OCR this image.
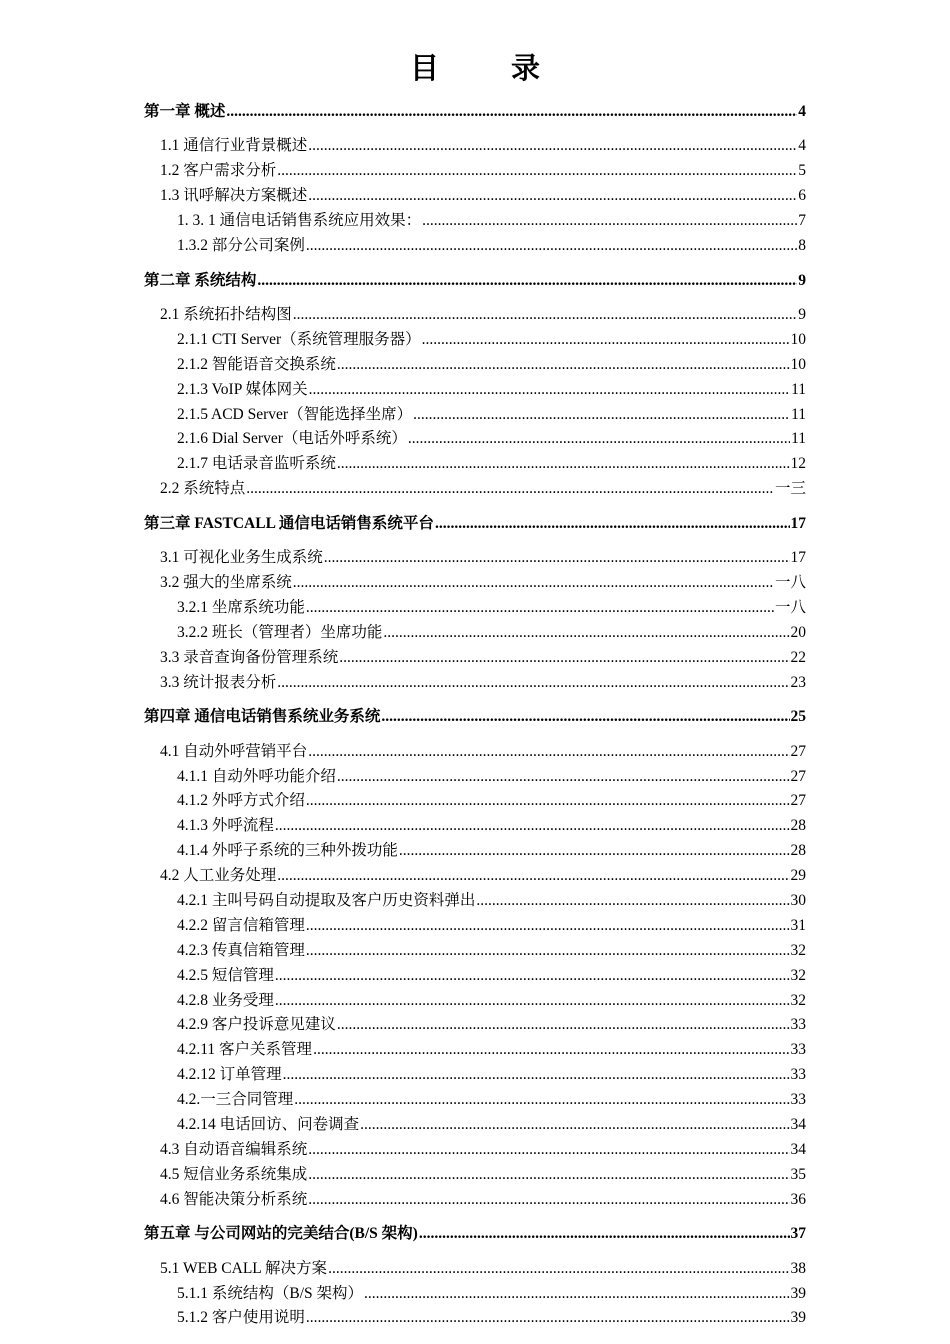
目 录
第一章 概述 .....	4
1.1 通信行业背景概述 .....	4
1.2 客户需求分析 .....	5
1.3 讯呼解决方案概述 .....	6
1. 3. 1 通信电话销售系统应用效果： .....	7
1.3.2 部分公司案例 .....	8
第二章 系统结构 .....	9
2.1 系统拓扑结构图 .....	9
2.1.1 CTI Server（系统管理服务器） .....	10
2.1.2 智能语音交换系统 .....	10
2.1.3 VoIP 媒体网关 .....	11
2.1.5 ACD Server（智能选择坐席） .....	11
2.1.6 Dial Server（电话外呼系统） .....	11
2.1.7 电话录音监听系统 .....	12
2.2 系统特点 .....	一三
第三章 FASTCALL 通信电话销售系统平台 .....	17
3.1 可视化业务生成系统 .....	17
3.2 强大的坐席系统 .....	一八
3.2.1 坐席系统功能 .....	一八
3.2.2 班长（管理者）坐席功能 .....	20
3.3 录音查询备份管理系统 .....	22
3.3 统计报表分析 .....	23
第四章 通信电话销售系统业务系统 .....	25
4.1 自动外呼营销平台 .....	27
4.1.1 自动外呼功能介绍 .....	27
4.1.2 外呼方式介绍 .....	27
4.1.3 外呼流程 .....	28
4.1.4 外呼子系统的三种外拨功能 .....	28
4.2 人工业务处理 .....	29
4.2.1 主叫号码自动提取及客户历史资料弹出 .....	30
4.2.2 留言信箱管理 .....	31
4.2.3 传真信箱管理 .....	32
4.2.5 短信管理 .....	32
4.2.8 业务受理 .....	32
4.2.9 客户投诉意见建议 .....	33
4.2.11 客户关系管理 .....	33
4.2.12 订单管理 .....	33
4.2.一三合同管理 .....	33
4.2.14 电话回访、问卷调查 .....	34
4.3 自动语音编辑系统 .....	34
4.5 短信业务系统集成 .....	35
4.6 智能决策分析系统 .....	36
第五章 与公司网站的完美结合(B/S 架构) .....	37
5.1 WEB CALL 解决方案 .....	38
5.1.1 系统结构（B/S 架构） .....	39
5.1.2 客户使用说明 .....	39
